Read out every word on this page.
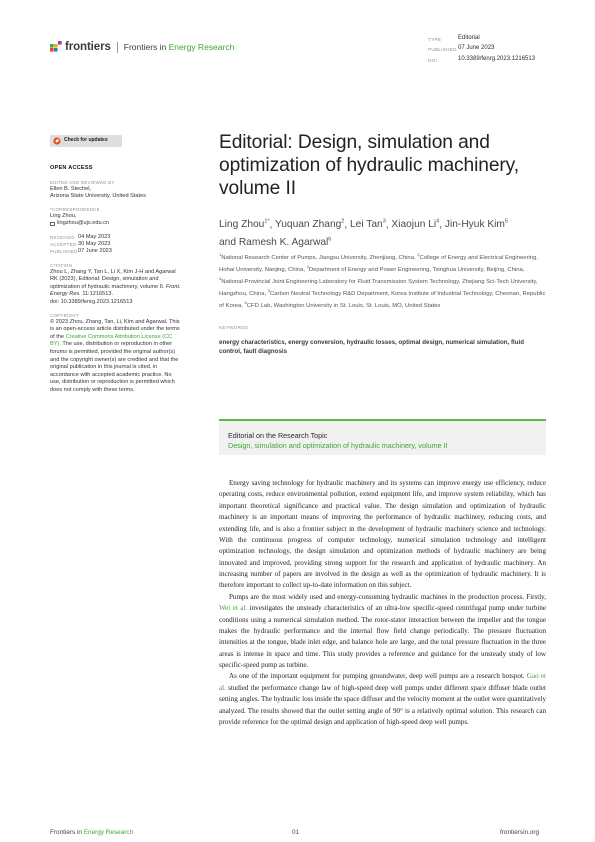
frontiers Frontiers in Energy Research
TYPE	Editorial
PUBLISHED 07 June 2023
DOI	10.3389/fenrg.2023.1216513
Check for updates
OPEN ACCESS
EDITED AND REVIEWED BY
Ellen B. Stechel,
Arizona State University, United States
*CORRESPONDENCE
Ling Zhou,
lingzhou@ujs.edu.cn
RECEIVED 04 May 2023
ACCEPTED 30 May 2023
PUBLISHED 07 June 2023
CITATION
Zhou L, Zhang Y, Tan L, Li X, Kim J-H and Agarwal RK (2023), Editorial: Design, simulation and optimization of hydraulic machinery, volume II. Front. Energy Res. 11:1216513.
doi: 10.3389/fenrg.2023.1216513
COPYRIGHT
© 2023 Zhou, Zhang, Tan, Li, Kim and Agarwal. This is an open-access article distributed under the terms of the Creative Commons Attribution License (CC BY). The use, distribution or reproduction in other forums is permitted, provided the original author(s) and the copyright owner(s) are credited and that the original publication in this journal is cited, in accordance with accepted academic practice. No use, distribution or reproduction is permitted which does not comply with these terms.
Editorial: Design, simulation and optimization of hydraulic machinery, volume II
Ling Zhou$^{1*}$, Yuquan Zhang$^2$, Lei Tan$^3$, Xiaojun Li$^4$, Jin-Hyuk Kim$^5$
and Ramesh K. Agarwal$^6$
$^1$National Research Center of Pumps, Jiangsu University, Zhenjiang, China, $^2$College of Energy and Electrical Engineering, Hohai University, Nanjing, China, $^3$Department of Energy and Power Engineering, Tsinghua University, Beijing, China, $^4$National-Provincial Joint Engineering Laboratory for Fluid Transmission System Technology, Zhejiang Sci-Tech University, Hangzhou, China, $^5$Carbon Neutral Technology R&D Department, Korea Institute of Industrial Technology, Cheonan, Republic of Korea, $^6$CFD Lab, Washington University in St. Louis, St. Louis, MO, United States
KEYWORDS
energy characteristics, energy conversion, hydraulic losses, optimal design, numerical simulation, fluid control, fault diagnosis
Editorial on the Research Topic
Design, simulation and optimization of hydraulic machinery, volume II

Energy saving technology for hydraulic machinery and its systems can improve energy use efficiency, reduce operating costs, reduce environmental pollution, extend equipment life, and improve system reliability, which has important theoretical significance and practical value. The design simulation and optimization of hydraulic machinery is an important means of improving the performance of hydraulic machinery, reducing costs, and extending life, and is also a frontier subject in the development of hydraulic machinery science and technology. With the continuous progress of computer technology, numerical simulation technology and intelligent optimization technology, the design simulation and optimization methods of hydraulic machinery are being innovated and improved, providing strong support for the research and application of hydraulic machinery. An increasing number of papers are involved in the design as well as the optimization of hydraulic machinery. It is therefore important to collect up-to-date information on this subject.

Pumps are the most widely used and energy-consuming hydraulic machines in the production process. Firstly, Wei et al. investigates the unsteady characteristics of an ultra-low specific-speed centrifugal pump under turbine conditions using a numerical simulation method. The rotor-stator interaction between the impeller and the tongue makes the hydraulic performance and the internal flow field change periodically. The pressure fluctuation intensities at the tongue, blade inlet edge, and balance hole are large, and the total pressure fluctuation in the three areas is intense in space and time. This study provides a reference and guidance for the unsteady study of low specific-speed pump as turbine.

As one of the important equipment for pumping groundwater, deep well pumps are a research hotspot. Gao et al. studied the performance change law of high-speed deep well pumps under different space diffuser blade outlet setting angles. The hydraulic loss inside the space diffuser and the velocity moment at the outlet were quantitatively analyzed. The results showed that the outlet setting angle of 90° is a relatively optimal solution. This research can provide reference for the optimal design and application of high-speed deep well pumps.

Frontiers in Energy Research	01	frontiersin.org
